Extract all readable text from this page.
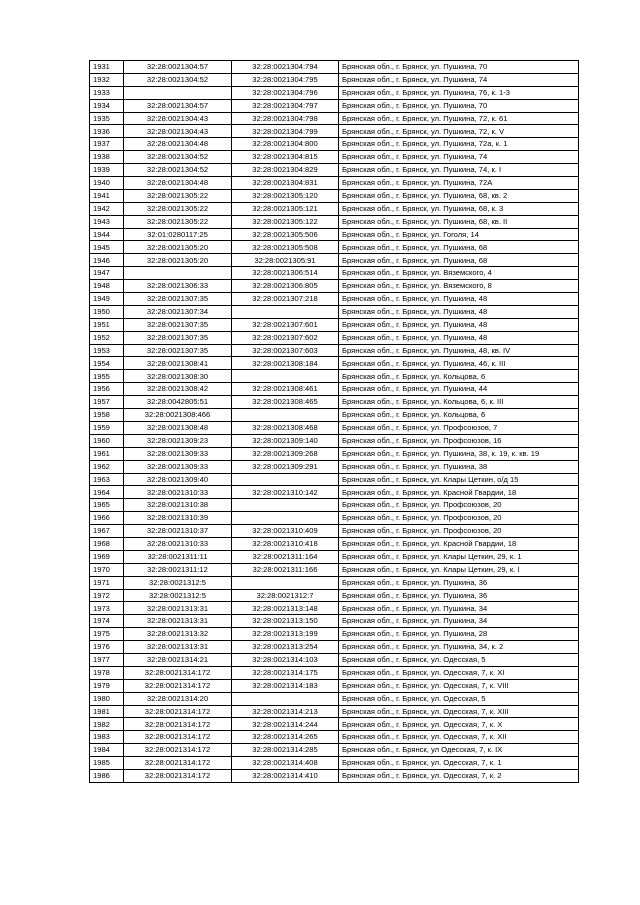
1931	32:28:0021304:57	32:28:0021304:794	Брянская обл., г. Брянск, ул. Пушкина, 70
1932	32:28:0021304:52	32:28:0021304:795	Брянская обл., г. Брянск, ул. Пушкина, 74
1933		32:28:0021304:796	Брянская обл., г. Брянск, ул. Пушкина, 76, к. 1-3
1934	32:28:0021304:57	32:28:0021304:797	Брянская обл., г. Брянск, ул. Пушкина, 70
1935	32:28:0021304:43	32:28:0021304:798	Брянская обл., г. Брянск, ул. Пушкина, 72, к. 61
1936	32:28:0021304:43	32:28:0021304:799	Брянская обл., г. Брянск, ул. Пушкина, 72, к. V
1937	32:28:0021304:48	32:28:0021304:800	Брянская обл., г. Брянск, ул. Пушкина, 72а, к. 1
1938	32:28:0021304:52	32:28:0021304:815	Брянская обл., г. Брянск, ул. Пушкина, 74
1939	32:28:0021304:52	32:28:0021304:829	Брянская обл., г. Брянск, ул. Пушкина, 74, к. I
1940	32:28:0021304:48	32:28:0021304:831	Брянская обл., г. Брянск, ул. Пушкина, 72А
1941	32:28:0021305:22	32:28:0021305:120	Брянская обл., г. Брянск, ул. Пушкина, 68, кв. 2
1942	32:28:0021305:22	32:28:0021305:121	Брянская обл., г. Брянск, ул. Пушкина, 68, к. 3
1943	32:28:0021305:22	32:28:0021305:122	Брянская обл., г. Брянск, ул. Пушкина, 68, кв. II
1944	32:01:0280117:25	32:28:0021305:506	Брянская обл., г. Брянск, ул. Гоголя, 14
1945	32:28:0021305:20	32:28:0021305:508	Брянская обл., г. Брянск, ул. Пушкина, 68
1946	32:28:0021305:20	32:28:0021305:91	Брянская обл., г. Брянск, ул. Пушкина, 68
1947		32:28:0021306:514	Брянская обл., г. Брянск, ул. Вяземского, 4
1948	32:28:0021306:33	32:28:0021306:805	Брянская обл., г. Брянск, ул. Вяземского, 8
1949	32:28:0021307:35	32:28:0021307:218	Брянская обл., г. Брянск, ул. Пушкина, 48
1950	32:28:0021307:34		Брянская обл., г. Брянск, ул. Пушкина, 48
1951	32:28:0021307:35	32:28:0021307:601	Брянская обл., г. Брянск, ул. Пушкина, 48
1952	32:28:0021307:35	32:28:0021307:602	Брянская обл., г. Брянск, ул. Пушкина, 48
1953	32:28:0021307:35	32:28:0021307:603	Брянская обл., г. Брянск, ул. Пушкина, 48, кв. IV
1954	32:28:0021308:41	32:28:0021308:184	Брянская обл., г. Брянск, ул. Пушкина, 46, к. III
1955	32:28:0021308:30		Брянская обл., г. Брянск, ул. Кольцова, 6
1956	32:28:0021308:42	32:28:0021308:461	Брянская обл., г. Брянск, ул. Пушкина, 44
1957	32:28:0042805:51	32:28:0021308:465	Брянская обл., г. Брянск, ул. Кольцова, 6, к. III
1958	32:28:0021308:466		Брянская обл., г. Брянск, ул. Кольцова, 6
1959	32:28:0021308:48	32:28:0021308:468	Брянская обл., г. Брянск, ул. Профсоюзов, 7
1960	32:28:0021309:23	32:28:0021309:140	Брянская обл., г. Брянск, ул. Профсоюзов, 16
1961	32:28:0021309:33	32:28:0021309:268	Брянская обл., г. Брянск, ул. Пушкина, 38, к. 19, к. кв. 19
1962	32:28:0021309:33	32:28:0021309:291	Брянская обл., г. Брянск, ул. Пушкина, 38
1963	32:28:0021309:40		Брянская обл., г. Брянск, ул. Клары Цеткин, о/д 15
1964	32:28:0021310:33	32:28:0021310:142	Брянская обл., г. Брянск, ул. Красной Гвардии, 18
1965	32:28:0021310:38		Брянская обл., г. Брянск, ул. Профсоюзов, 20
1966	32:28:0021310:39		Брянская обл., г. Брянск, ул. Профсоюзов, 20
1967	32:28:0021310:37	32:28:0021310:409	Брянская обл., г. Брянск, ул. Профсоюзов, 20
1968	32:28:0021310:33	32:28:0021310:418	Брянская обл., г. Брянск, ул. Красной Гвардии, 18
1969	32:28:0021311:11	32:28:0021311:164	Брянская обл., г. Брянск, ул. Клары Цеткин, 29, к. 1
1970	32:28:0021311:12	32:28:0021311:166	Брянская обл., г. Брянск, ул. Клары Цеткин, 29, к. I
1971	32:28:0021312:5		Брянская обл., г. Брянск, ул. Пушкина, 36
1972	32:28:0021312:5	32:28:0021312:7	Брянская обл., г. Брянск, ул. Пушкина, 36
1973	32:28:0021313:31	32:28:0021313:148	Брянская обл., г. Брянск, ул. Пушкина, 34
1974	32:28:0021313:31	32:28:0021313:150	Брянская обл., г. Брянск, ул. Пушкина, 34
1975	32:28:0021313:32	32:28:0021313:199	Брянская обл., г. Брянск, ул. Пушкина, 28
1976	32:28:0021313:31	32:28:0021313:254	Брянская обл., г. Брянск, ул. Пушкина, 34, к. 2
1977	32:28:0021314:21	32:28:0021314:103	Брянская обл., г. Брянск, ул. Одесская, 5
1978	32:28:0021314:172	32:28:0021314:175	Брянская обл., г. Брянск, ул. Одесская, 7, к. XI
1979	32:28:0021314:172	32:28:0021314:183	Брянская обл., г. Брянск, ул. Одесская, 7, к. VIII
1980	32:28:0021314:20		Брянская обл., г. Брянск, ул. Одесская, 5
1981	32:28:0021314:172	32:28:0021314:213	Брянская обл., г. Брянск, ул. Одесская, 7, к. XIII
1982	32:28:0021314:172	32:28:0021314:244	Брянская обл., г. Брянск, ул. Одесская, 7, к. X
1983	32:28:0021314:172	32:28:0021314:265	Брянская обл., г. Брянск, ул. Одесская, 7, к. XII
1984	32:28:0021314:172	32:28:0021314:285	Брянская обл., г. Брянск, ул Одесская, 7, к. IX
1985	32:28:0021314:172	32:28:0021314:408	Брянская обл., г. Брянск, ул. Одесская, 7, к. 1
1986	32:28:0021314:172	32:28:0021314:410	Брянская обл., г. Брянск, ул. Одесская, 7, к. 2
